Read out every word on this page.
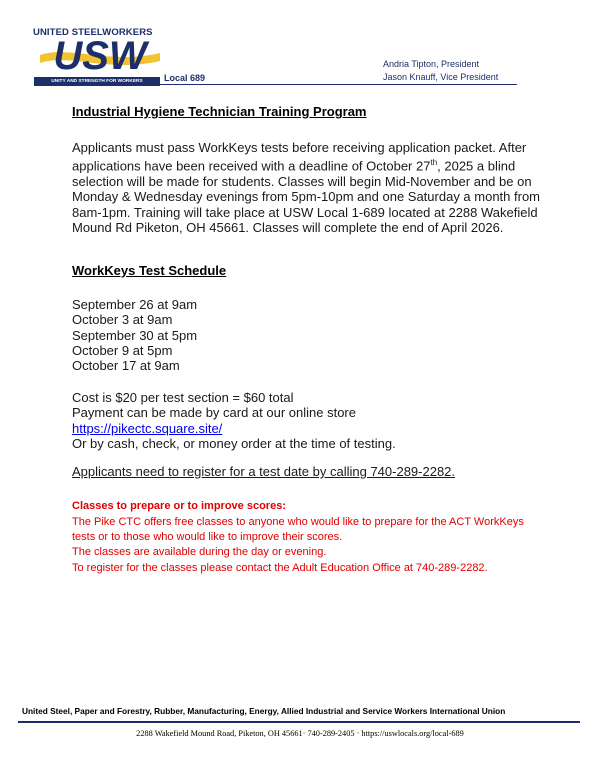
UNITED STEELWORKERS
USW
UNITY AND STRENGTH FOR WORKERS	Local 689
Andria Tipton, President
Jason Knauff, Vice President
Industrial Hygiene Technician Training Program
Applicants must pass WorkKeys tests before receiving application packet. After applications have been received with a deadline of October 27th, 2025 a blind selection will be made for students. Classes will begin Mid-November and be on Monday & Wednesday evenings from 5pm-10pm and one Saturday a month from 8am-1pm. Training will take place at USW Local 1-689 located at 2288 Wakefield Mound Rd Piketon, OH 45661. Classes will complete the end of April 2026.
WorkKeys Test Schedule
September 26 at 9am
October 3 at 9am
September 30 at 5pm
October 9 at 5pm
October 17 at 9am
Cost is $20 per test section = $60 total
Payment can be made by card at our online store
https://pikectc.square.site/
Or by cash, check, or money order at the time of testing.
Applicants need to register for a test date by calling 740-289-2282.
Classes to prepare or to improve scores:
The Pike CTC offers free classes to anyone who would like to prepare for the ACT WorkKeys tests or to those who would like to improve their scores.
The classes are available during the day or evening.
To register for the classes please contact the Adult Education Office at 740-289-2282.
United Steel, Paper and Forestry, Rubber, Manufacturing, Energy, Allied Industrial and Service Workers International Union
2288 Wakefield Mound Road, Piketon, OH 45661· 740-289-2405 · https://uswlocals.org/local-689
